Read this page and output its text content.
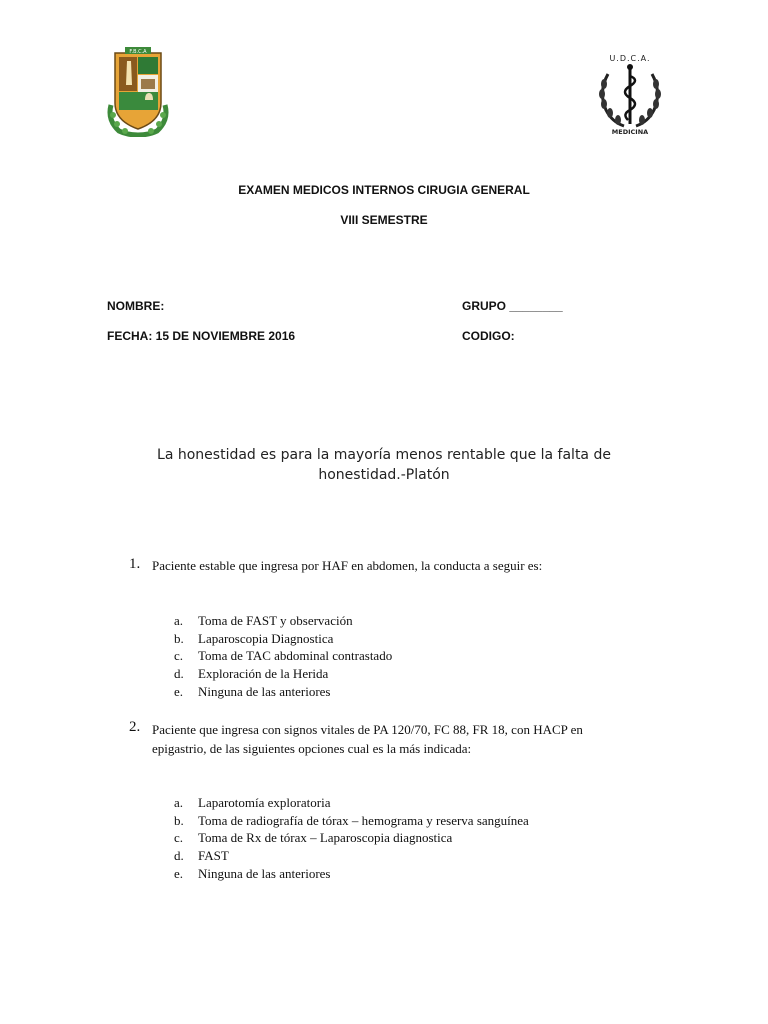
F.B.C.A
U.D.C.A.
MEDICINA
EXAMEN MEDICOS INTERNOS CIRUGIA GENERAL
VIII SEMESTRE
NOMBRE:	GRUPO ________
FECHA: 15 DE NOVIEMBRE 2016	CODIGO:
La honestidad es para la mayoría menos rentable que la falta de
honestidad.-Platón
1. Paciente estable que ingresa por HAF en abdomen, la conducta a seguir es:
a. Toma de FAST y observación
b. Laparoscopia Diagnostica
c. Toma de TAC abdominal contrastado
d. Exploración de la Herida
e. Ninguna de las anteriores
2. Paciente que ingresa con signos vitales de PA 120/70, FC 88, FR 18, con HACP en
epigastrio, de las siguientes opciones cual es la más indicada:
a. Laparotomía exploratoria
b. Toma de radiografía de tórax – hemograma y reserva sanguínea
c. Toma de Rx de tórax – Laparoscopia diagnostica
d. FAST
e. Ninguna de las anteriores
